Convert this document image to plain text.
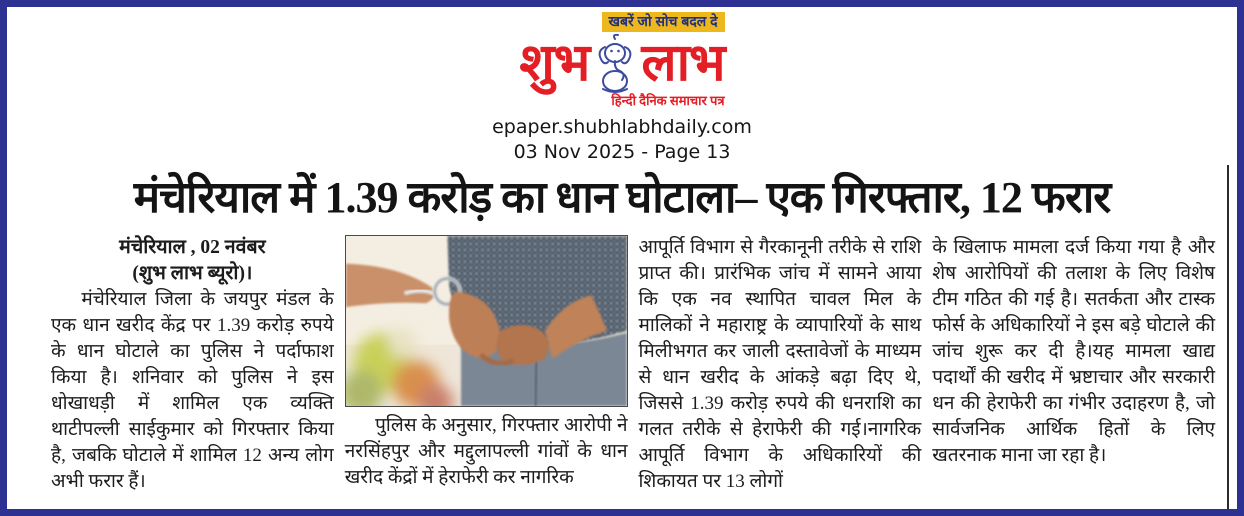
खबरें जो सोच बदल दे
शुभ लाभ
हिन्दी दैनिक समाचार पत्र
epaper.shubhlabhdaily.com
03 Nov 2025 - Page 13
मंचेरियाल में 1.39 करोड़ का धान घोटाला– एक गिरफ्तार, 12 फरार
मंचेरियाल , 02 नवंबर
(शुभ लाभ ब्यूरो)।
मंचेरियाल जिला के जयपुर मंडल के एक धान खरीद केंद्र पर 1.39 करोड़ रुपये के धान घोटाले का पुलिस ने पर्दाफाश किया है। शनिवार को पुलिस ने इस धोखाधड़ी में शामिल एक व्यक्ति थाटीपल्ली साईकुमार को गिरफ्तार किया है, जबकि घोटाले में शामिल 12 अन्य लोग अभी फरार हैं।
पुलिस के अनुसार, गिरफ्तार आरोपी ने नरसिंहपुर और मद्दुलापल्ली गांवों के धान खरीद केंद्रों में हेराफेरी कर नागरिक
आपूर्ति विभाग से गैरकानूनी तरीके से राशि प्राप्त की। प्रारंभिक जांच में सामने आया कि एक नव स्थापित चावल मिल के मालिकों ने महाराष्ट्र के व्यापारियों के साथ मिलीभगत कर जाली दस्तावेजों के माध्यम से धान खरीद के आंकड़े बढ़ा दिए थे, जिससे 1.39 करोड़ रुपये की धनराशि का गलत तरीके से हेराफेरी की गई।नागरिक आपूर्ति विभाग के अधिकारियों की शिकायत पर 13 लोगों
के खिलाफ मामला दर्ज किया गया है और शेष आरोपियों की तलाश के लिए विशेष टीम गठित की गई है। सतर्कता और टास्क फोर्स के अधिकारियों ने इस बड़े घोटाले की जांच शुरू कर दी है।यह मामला खाद्य पदार्थों की खरीद में भ्रष्टाचार और सरकारी धन की हेराफेरी का गंभीर उदाहरण है, जो सार्वजनिक आर्थिक हितों के लिए खतरनाक माना जा रहा है।
